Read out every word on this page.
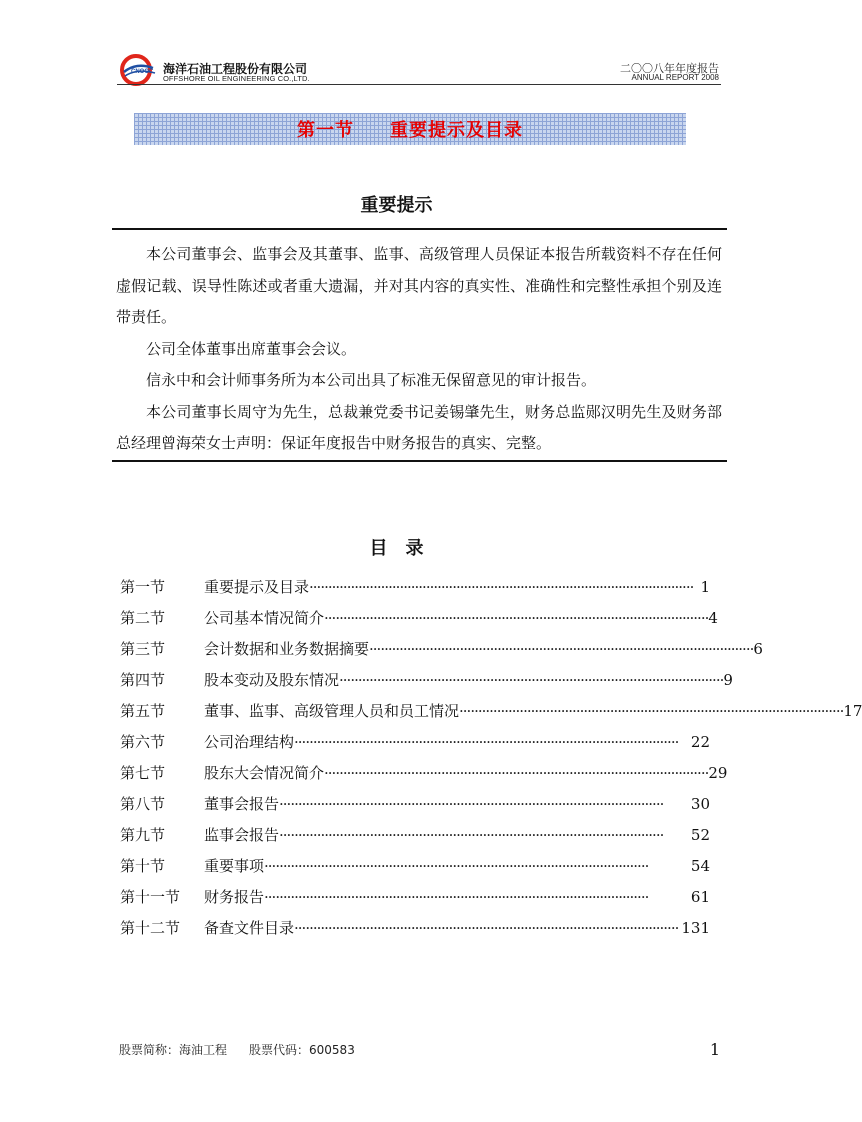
CNOOC 海洋石油工程股份有限公司
OFFSHORE OIL ENGINEERING CO.,LTD.
二〇〇八年年度报告
ANNUAL REPORT 2008
第一节 重要提示及目录
重要提示

本公司董事会、监事会及其董事、监事、高级管理人员保证本报告所载资料不存在任何虚假记载、误导性陈述或者重大遗漏，并对其内容的真实性、准确性和完整性承担个别及连带责任。

公司全体董事出席董事会会议。

信永中和会计师事务所为本公司出具了标准无保留意见的审计报告。

本公司董事长周守为先生，总裁兼党委书记姜锡肇先生，财务总监郧汉明先生及财务部总经理曾海荣女士声明：保证年度报告中财务报告的真实、完整。

目录
第一节	重要提示及目录 ······································································································ 1
第二节	公司基本情况简介 ······································································································ 4
第三节	会计数据和业务数据摘要 ······································································································ 6
第四节	股本变动及股东情况 ······································································································ 9
第五节	董事、监事、高级管理人员和员工情况 ······································································································ 17
第六节	公司治理结构 ······································································································ 22
第七节	股东大会情况简介 ······································································································ 29
第八节	董事会报告 ······································································································	30
第九节	监事会报告 ······································································································	52
第十节	重要事项 ······································································································	54
第十一节	财务报告 ······································································································	61
第十二节	备查文件目录 ······································································································ 131
股票简称：海油工程 股票代码：600583	1
